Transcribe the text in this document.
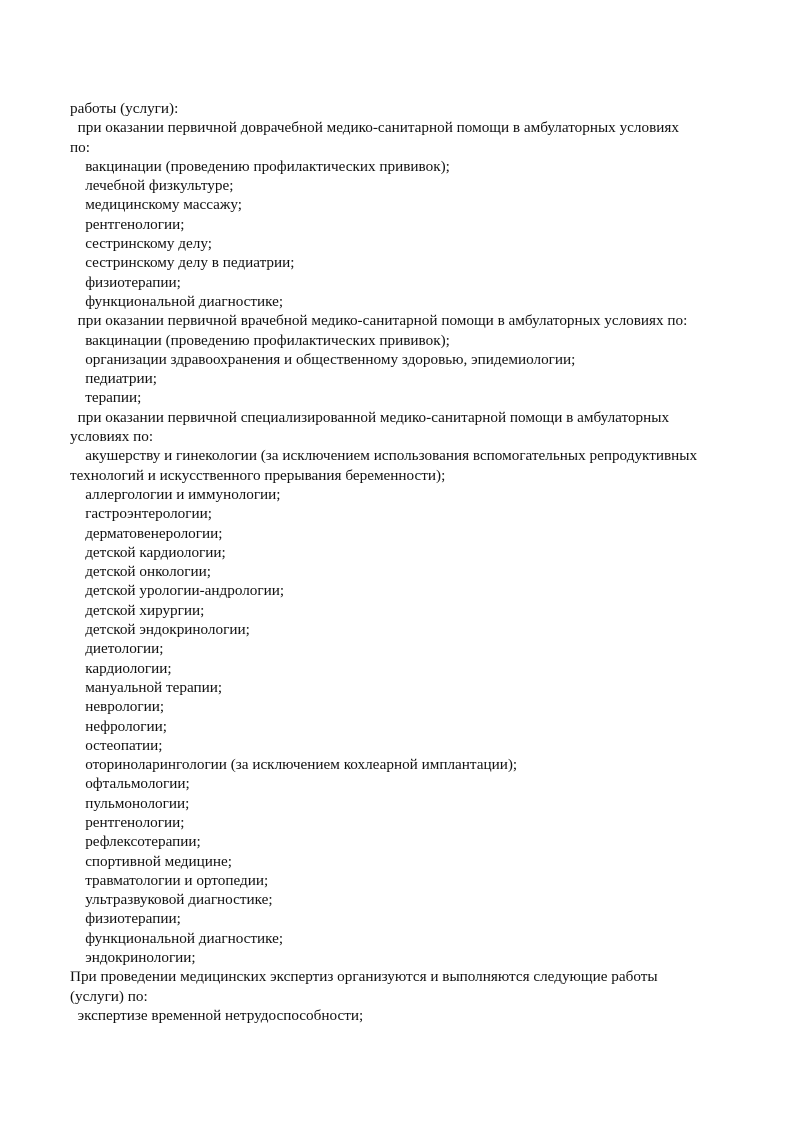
работы (услуги):
при оказании первичной доврачебной медико-санитарной помощи в амбулаторных условиях
по:
вакцинации (проведению профилактических прививок);
лечебной физкультуре;
медицинскому массажу;
рентгенологии;
сестринскому делу;
сестринскому делу в педиатрии;
физиотерапии;
функциональной диагностике;
при оказании первичной врачебной медико-санитарной помощи в амбулаторных условиях по:
вакцинации (проведению профилактических прививок);
организации здравоохранения и общественному здоровью, эпидемиологии;
педиатрии;
терапии;
при оказании первичной специализированной медико-санитарной помощи в амбулаторных
условиях по:
акушерству и гинекологии (за исключением использования вспомогательных репродуктивных
технологий и искусственного прерывания беременности);
аллергологии и иммунологии;
гастроэнтерологии;
дерматовенерологии;
детской кардиологии;
детской онкологии;
детской урологии-андрологии;
детской хирургии;
детской эндокринологии;
диетологии;
кардиологии;
мануальной терапии;
неврологии;
нефрологии;
остеопатии;
оториноларингологии (за исключением кохлеарной имплантации);
офтальмологии;
пульмонологии;
рентгенологии;
рефлексотерапии;
спортивной медицине;
травматологии и ортопедии;
ультразвуковой диагностике;
физиотерапии;
функциональной диагностике;
эндокринологии;
При проведении медицинских экспертиз организуются и выполняются следующие работы
(услуги) по:
экспертизе временной нетрудоспособности;
